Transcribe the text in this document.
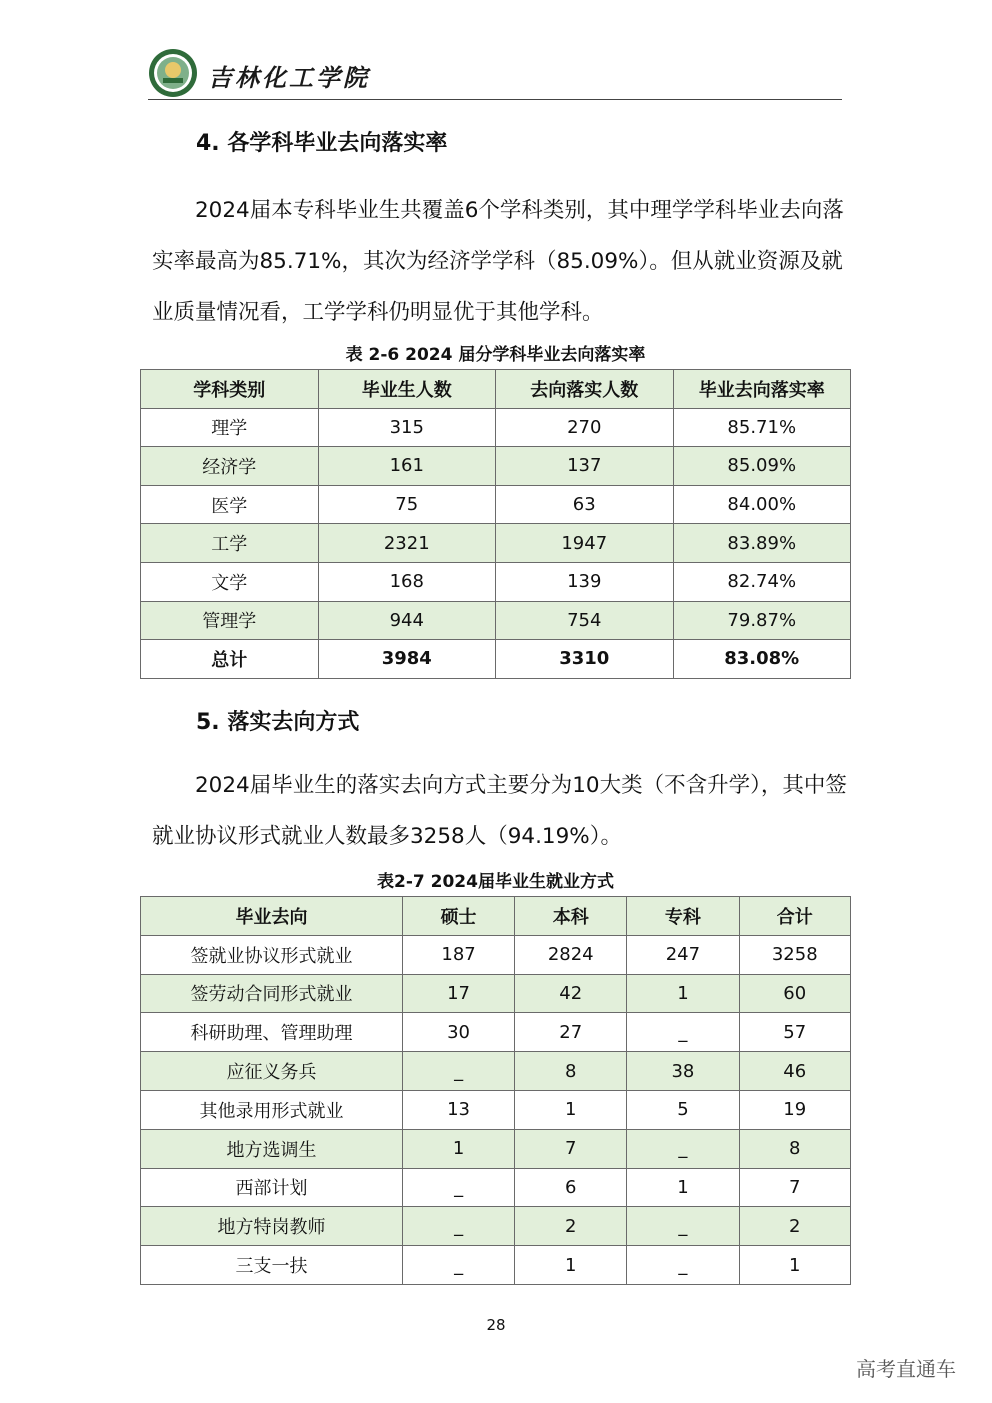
吉林化工学院
4. 各学科毕业去向落实率
2024届本专科毕业生共覆盖6个学科类别，其中理学学科毕业去向落实率最高为85.71%，其次为经济学学科（85.09%）。但从就业资源及就业质量情况看，工学学科仍明显优于其他学科。
表 2-6 2024 届分学科毕业去向落实率
学科类别	毕业生人数	去向落实人数	毕业去向落实率
理学	315	270	85.71%
经济学	161	137	85.09%
医学	75	63	84.00%
工学	2321	1947	83.89%
文学	168	139	82.74%
管理学	944	754	79.87%
总计	3984	3310	83.08%
5. 落实去向方式
2024届毕业生的落实去向方式主要分为10大类（不含升学），其中签就业协议形式就业人数最多3258人（94.19%）。
表2-7 2024届毕业生就业方式
毕业去向	硕士	本科	专科	合计
签就业协议形式就业	187	2824	247	3258
签劳动合同形式就业	17	42	1	60
科研助理、管理助理	30	27	_	57
应征义务兵	_	8	38	46
其他录用形式就业	13	1	5	19
地方选调生	1	7	_	8
西部计划	_	6	1	7
地方特岗教师	_	2	_	2
三支一扶	_	1	_	1
28
高考直通车
